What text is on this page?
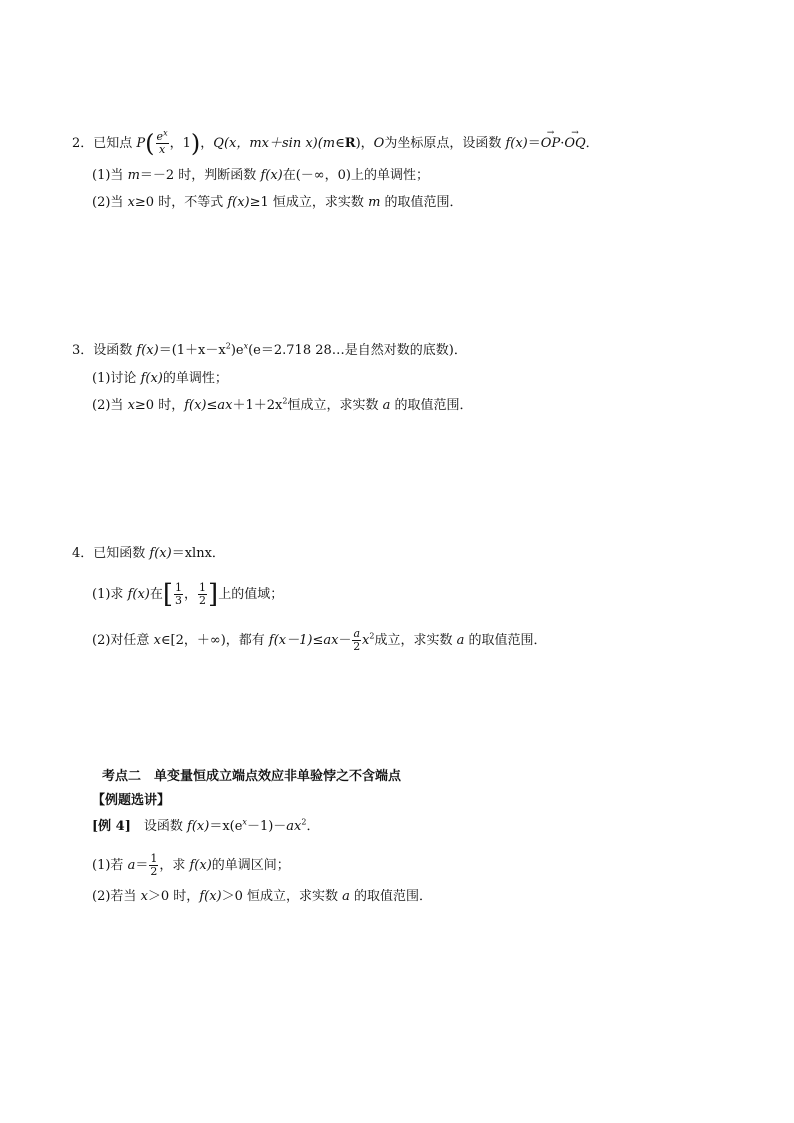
2．已知点 $P( \frac{e^x}{x}$ ，1)，Q(x，mx＋sin x)(m∈R)，O为坐标原点，设函数 f(x)＝→ OP·→ OQ．
(1)当 m＝－2 时，判断函数 f(x)在(－∞，0)上的单调性；
(2)当 x≥0 时，不等式 f(x)≥1 恒成立，求实数 m 的取值范围．
3．设函数 $f(x)=(1+x-x^2)e^x(e=2.718$ 28…是自然对数的底数)．
(1)讨论 f(x)的单调性；
(2)当 x≥0 时，$f(x)\le ax+1+2x^2$恒成立，求实数 a 的取值范围．
4．已知函数 f(x)＝xlnx．
(1)求 f(x)在[ $\frac{1}{3}$ ， $\frac{1}{2}$ ]上的值域；
(2)对任意 x∈[2，＋∞)，都有 $f(x-1)\le ax- \frac{a}{2} x^2$成立，求实数 a 的取值范围．
考点二　单变量恒成立端点效应非单验悖之不含端点
【例题选讲】
[例 4]　设函数 $f(x)=x(e^x-1)-ax^2$．
(1)若 $a= \frac{1}{2}$ ，求 f(x)的单调区间；
(2)若当 x＞0 时，f(x)＞0 恒成立，求实数 a 的取值范围．
